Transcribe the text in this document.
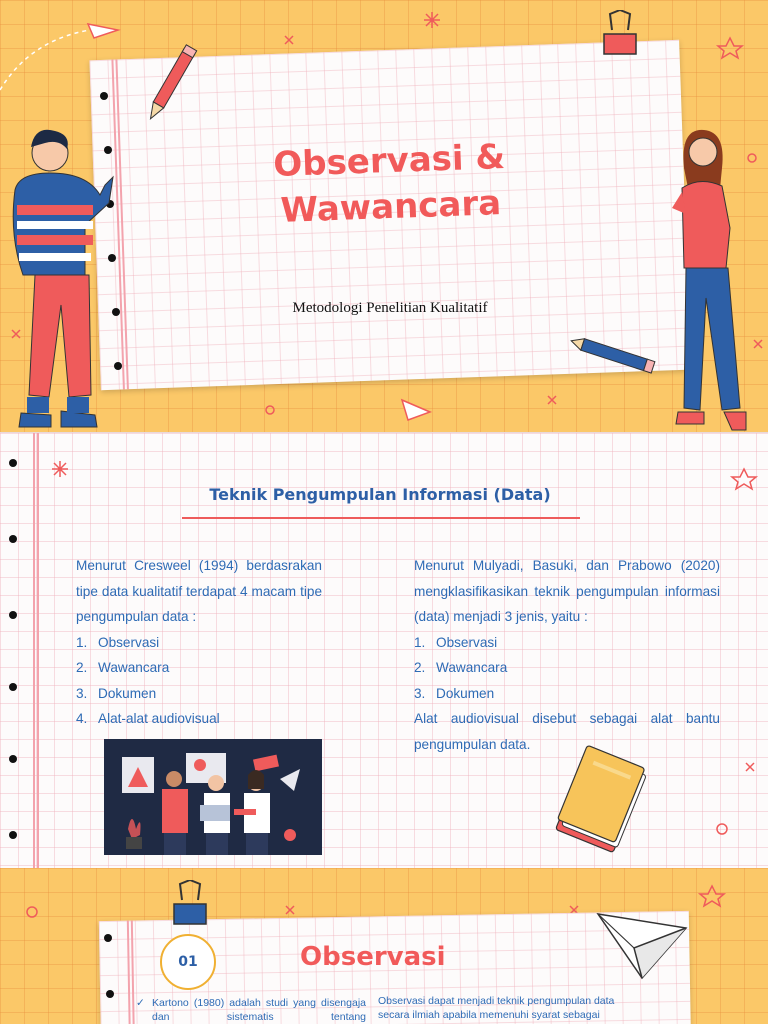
Observasi &
Wawancara
Metodologi Penelitian Kualitatif
Teknik Pengumpulan Informasi (Data)

Menurut Cresweel (1994) berdasrakan tipe data kualitatif terdapat 4 macam tipe pengumpulan data :

1. Observasi
2. Wawancara
3. Dokumen
4. Alat-alat audiovisual

Menurut Mulyadi, Basuki, dan Prabowo (2020) mengklasifikasikan teknik pengumpulan informasi (data) menjadi 3 jenis, yaitu :

1. Observasi
2. Wawancara
3. Dokumen

Alat audiovisual disebut sebagai alat bantu pengumpulan data.

01	Observasi
✓ Kartono (1980) adalah studi yang disengaja dan sistematis tentang
Observasi dapat menjadi teknik pengumpulan data secara ilmiah apabila memenuhi syarat sebagai
